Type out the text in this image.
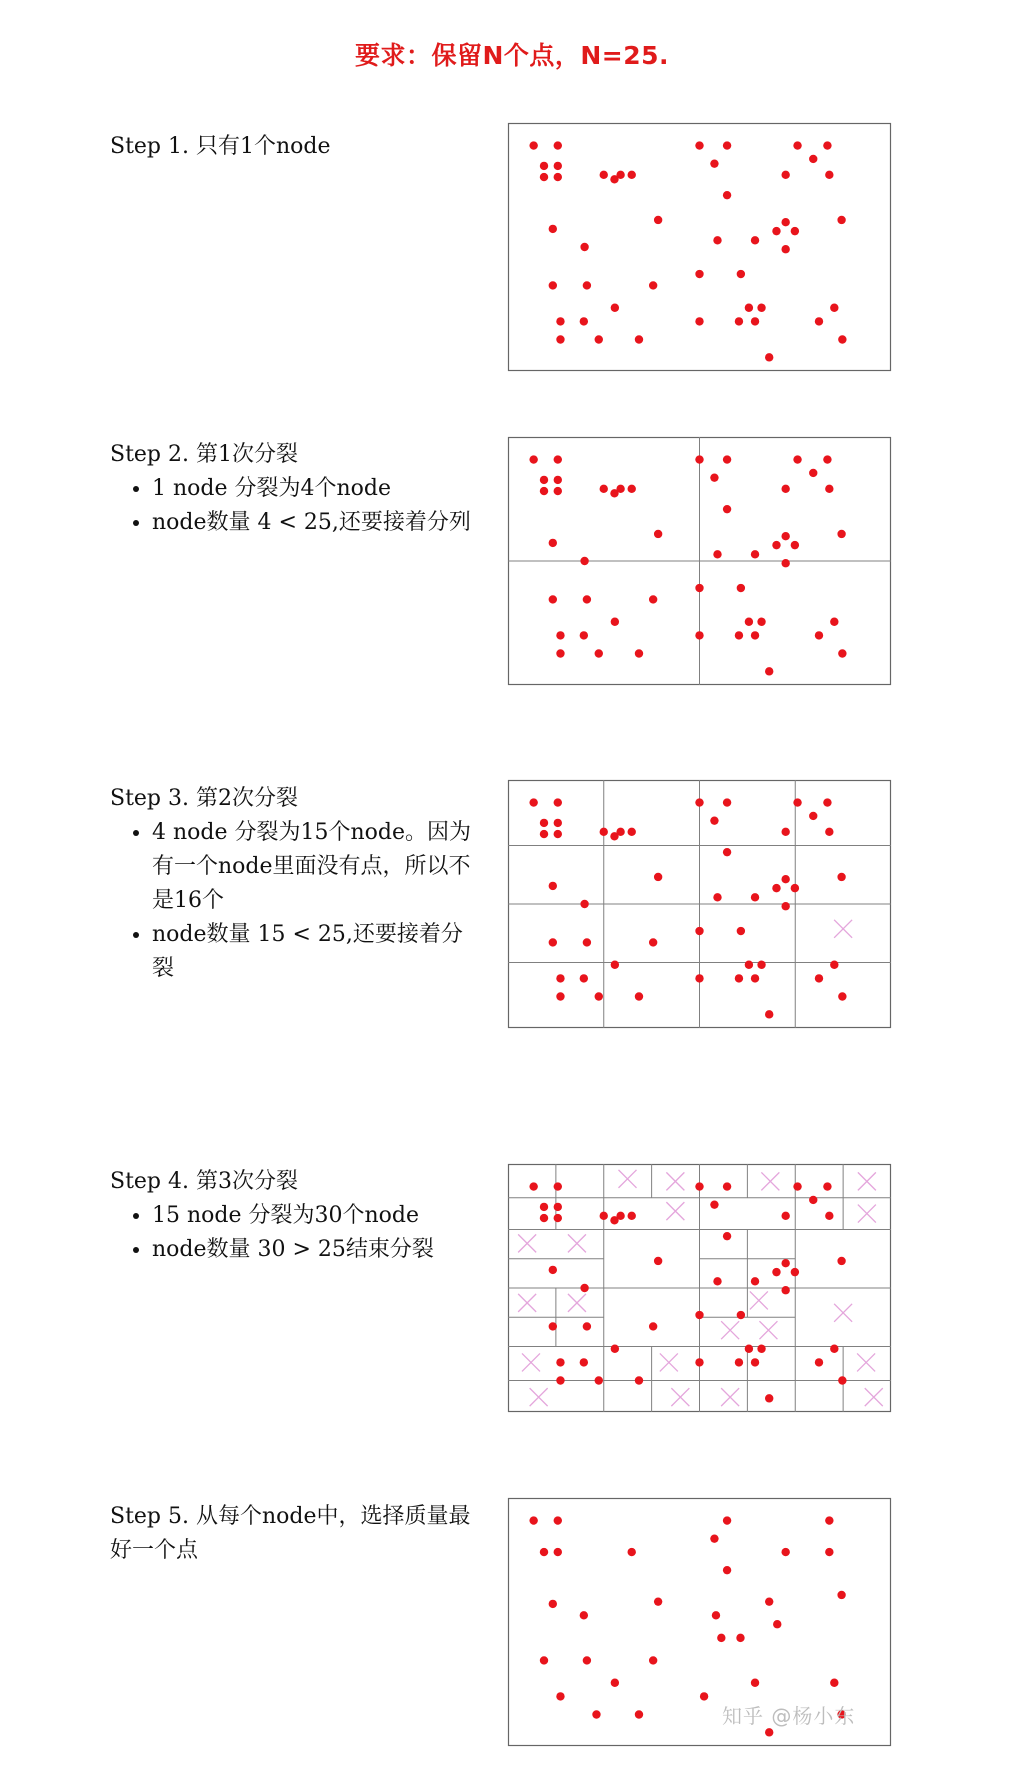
要求：保留N个点，N=25.

Step 1. 只有1个node

Step 2. 第1次分裂

• 1 node 分裂为4个node
• node数量 4 < 25,还要接着分列

Step 3. 第2次分裂

• 4 node 分裂为15个node。因为有一个node里面没有点，所以不是16个
• node数量 15 < 25,还要接着分裂

Step 4. 第3次分裂

• 15 node 分裂为30个node
• node数量 30 > 25结束分裂

Step 5. 从每个node中，选择质量最好一个点

知乎 @杨小东
